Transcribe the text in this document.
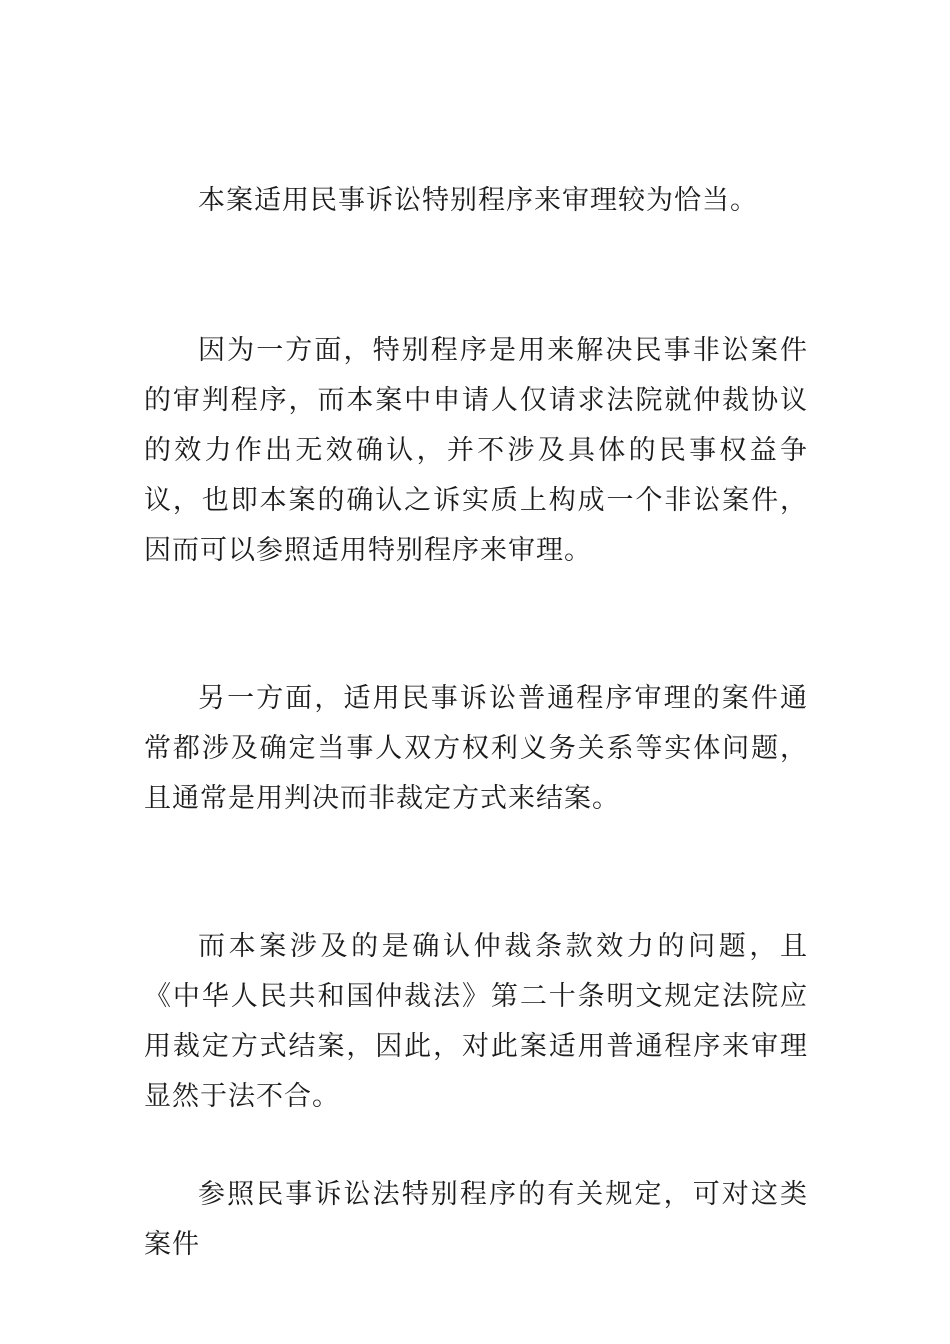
本案适用民事诉讼特别程序来审理较为恰当。

因为一方面，特别程序是用来解决民事非讼案件的审判程序，而本案中申请人仅请求法院就仲裁协议的效力作出无效确认，并不涉及具体的民事权益争议，也即本案的确认之诉实质上构成一个非讼案件，因而可以参照适用特别程序来审理。

另一方面，适用民事诉讼普通程序审理的案件通常都涉及确定当事人双方权利义务关系等实体问题，且通常是用判决而非裁定方式来结案。

而本案涉及的是确认仲裁条款效力的问题，且《中华人民共和国仲裁法》第二十条明文规定法院应用裁定方式结案，因此，对此案适用普通程序来审理显然于法不合。

参照民事诉讼法特别程序的有关规定，可对这类案件
